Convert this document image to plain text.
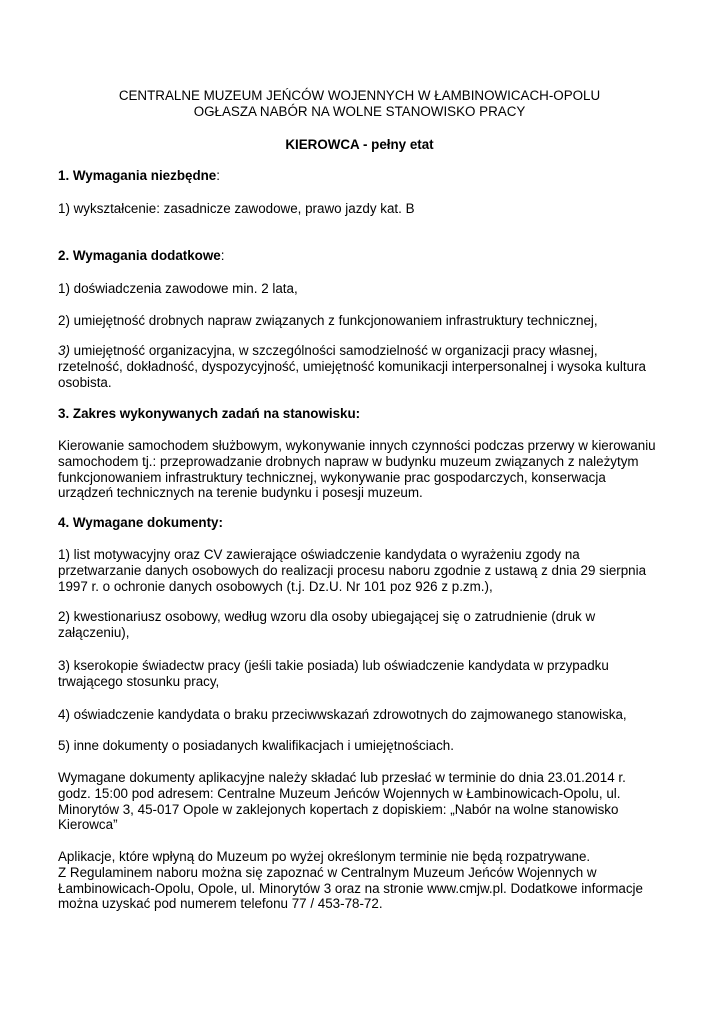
CENTRALNE MUZEUM JEŃCÓW WOJENNYCH W ŁAMBINOWICACH-OPOLU
OGŁASZA NABÓR NA WOLNE STANOWISKO PRACY
KIEROWCA - pełny etat
1. Wymagania niezbędne:
1) wykształcenie: zasadnicze zawodowe, prawo jazdy kat. B
2. Wymagania dodatkowe:
1) doświadczenia zawodowe min. 2 lata,
2) umiejętność drobnych napraw związanych z funkcjonowaniem infrastruktury technicznej,
3) umiejętność organizacyjna, w szczególności samodzielność w organizacji pracy własnej,
rzetelność, dokładność, dyspozycyjność, umiejętność komunikacji interpersonalnej i wysoka kultura
osobista.
3. Zakres wykonywanych zadań na stanowisku:
Kierowanie samochodem służbowym, wykonywanie innych czynności podczas przerwy w kierowaniu
samochodem tj.: przeprowadzanie drobnych napraw w budynku muzeum związanych z należytym
funkcjonowaniem infrastruktury technicznej, wykonywanie prac gospodarczych, konserwacja
urządzeń technicznych na terenie budynku i posesji muzeum.
4. Wymagane dokumenty:
1) list motywacyjny oraz CV zawierające oświadczenie kandydata o wyrażeniu zgody na
przetwarzanie danych osobowych do realizacji procesu naboru zgodnie z ustawą z dnia 29 sierpnia
1997 r. o ochronie danych osobowych (t.j. Dz.U. Nr 101 poz 926 z p.zm.),
2) kwestionariusz osobowy, według wzoru dla osoby ubiegającej się o zatrudnienie (druk w
załączeniu),
3) kserokopie świadectw pracy (jeśli takie posiada) lub oświadczenie kandydata w przypadku
trwającego stosunku pracy,
4) oświadczenie kandydata o braku przeciwwskazań zdrowotnych do zajmowanego stanowiska,
5) inne dokumenty o posiadanych kwalifikacjach i umiejętnościach.
Wymagane dokumenty aplikacyjne należy składać lub przesłać w terminie do dnia 23.01.2014 r.
godz. 15:00 pod adresem: Centralne Muzeum Jeńców Wojennych w Łambinowicach-Opolu, ul.
Minorytów 3, 45-017 Opole w zaklejonych kopertach z dopiskiem: „Nabór na wolne stanowisko
Kierowca”
Aplikacje, które wpłyną do Muzeum po wyżej określonym terminie nie będą rozpatrywane.
Z Regulaminem naboru można się zapoznać w Centralnym Muzeum Jeńców Wojennych w
Łambinowicach-Opolu, Opole, ul. Minorytów 3 oraz na stronie www.cmjw.pl. Dodatkowe informacje
można uzyskać pod numerem telefonu 77 / 453-78-72.
